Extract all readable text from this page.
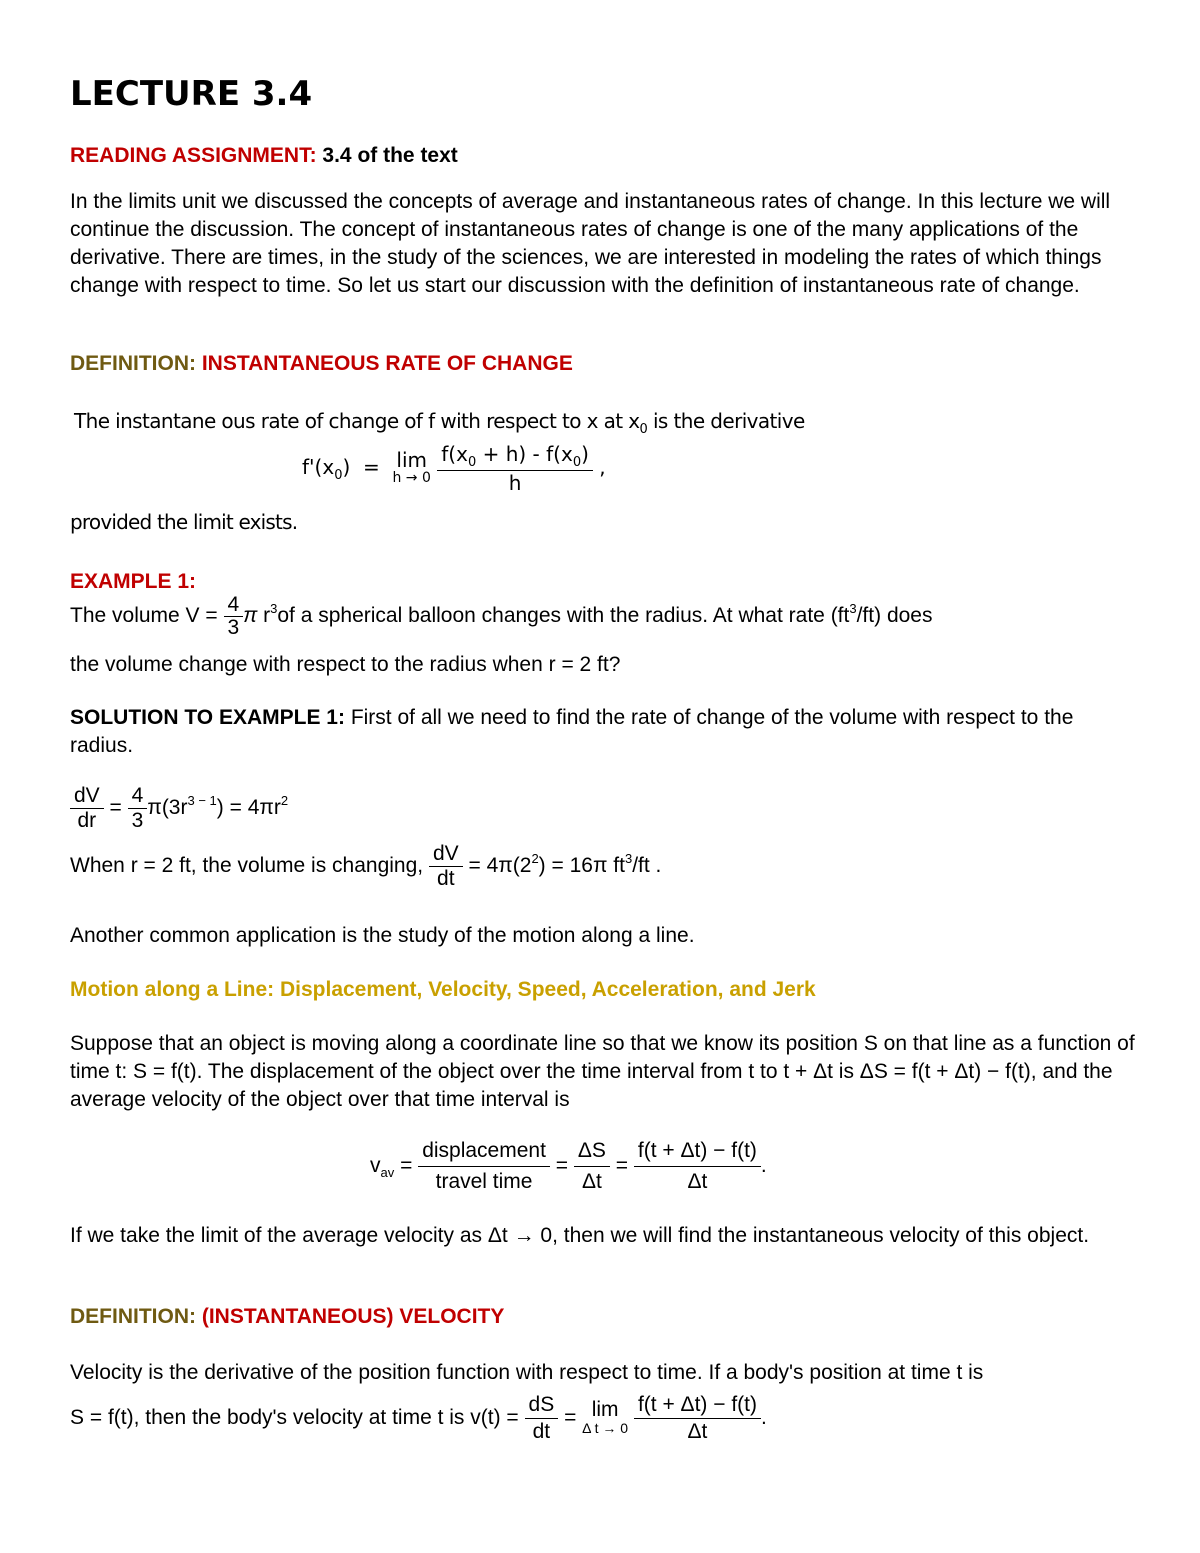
LECTURE 3.4
READING ASSIGNMENT: 3.4 of the text
In the limits unit we discussed the concepts of average and instantaneous rates of change. In this lecture we will continue the discussion. The concept of instantaneous rates of change is one of the many applications of the derivative. There are times, in the study of the sciences, we are interested in modeling the rates of which things change with respect to time. So let us start our discussion with the definition of instantaneous rate of change.
DEFINITION: INSTANTANEOUS RATE OF CHANGE
The instantane ous rate of change of f with respect to x at $x_0$ is the derivative
$f'(x_0) = \lim$
h → 0
$\frac{f(x_0 + h) - f(x_0)}{h}$ ,
provided the limit exists.
EXAMPLE 1:
The volume $V = \frac{4}{3}$ π $r^3of$ a spherical balloon changes with the radius. At what rate $(ft^3/ft)$ does
the volume change with respect to the radius when r = 2 ft?
SOLUTION TO EXAMPLE 1: First of all we need to find the rate of change of the volume with respect to the radius.
$\frac{dV}{dr} = \frac{4}{3} \pi(3r^{3 - 1}) = 4\pi r^2$
When r = 2 ft, the volume is changing, $\frac{dV}{dt} = 4\pi(2^2) = 16\pi$ $ft^3/ft$ .
Another common application is the study of the motion along a line.
Motion along a Line: Displacement, Velocity, Speed, Acceleration, and Jerk
Suppose that an object is moving along a coordinate line so that we know its position S on that line as a function of time t: S = f(t). The displacement of the object over the time interval from t to t + Δt is ΔS = f(t + Δt) − f(t), and the average velocity of the object over that time interval is
$v_{av} = \frac{\text{displacement}}{\text{travel time}} = \frac{\Delta S}{\Delta t} = \frac{f(t + \Delta t) - f(t)}{\Delta t}$ .
If we take the limit of the average velocity as Δt → 0, then we will find the instantaneous velocity of this object.
DEFINITION: (INSTANTANEOUS) VELOCITY
Velocity is the derivative of the position function with respect to time. If a body's position at time t is
S = f(t), then the body's velocity at time t is $v(t) = \frac{dS}{dt} = \lim$
Δ t → 0
$\frac{f(t + \Delta t) - f(t)}{\Delta t}$ .
